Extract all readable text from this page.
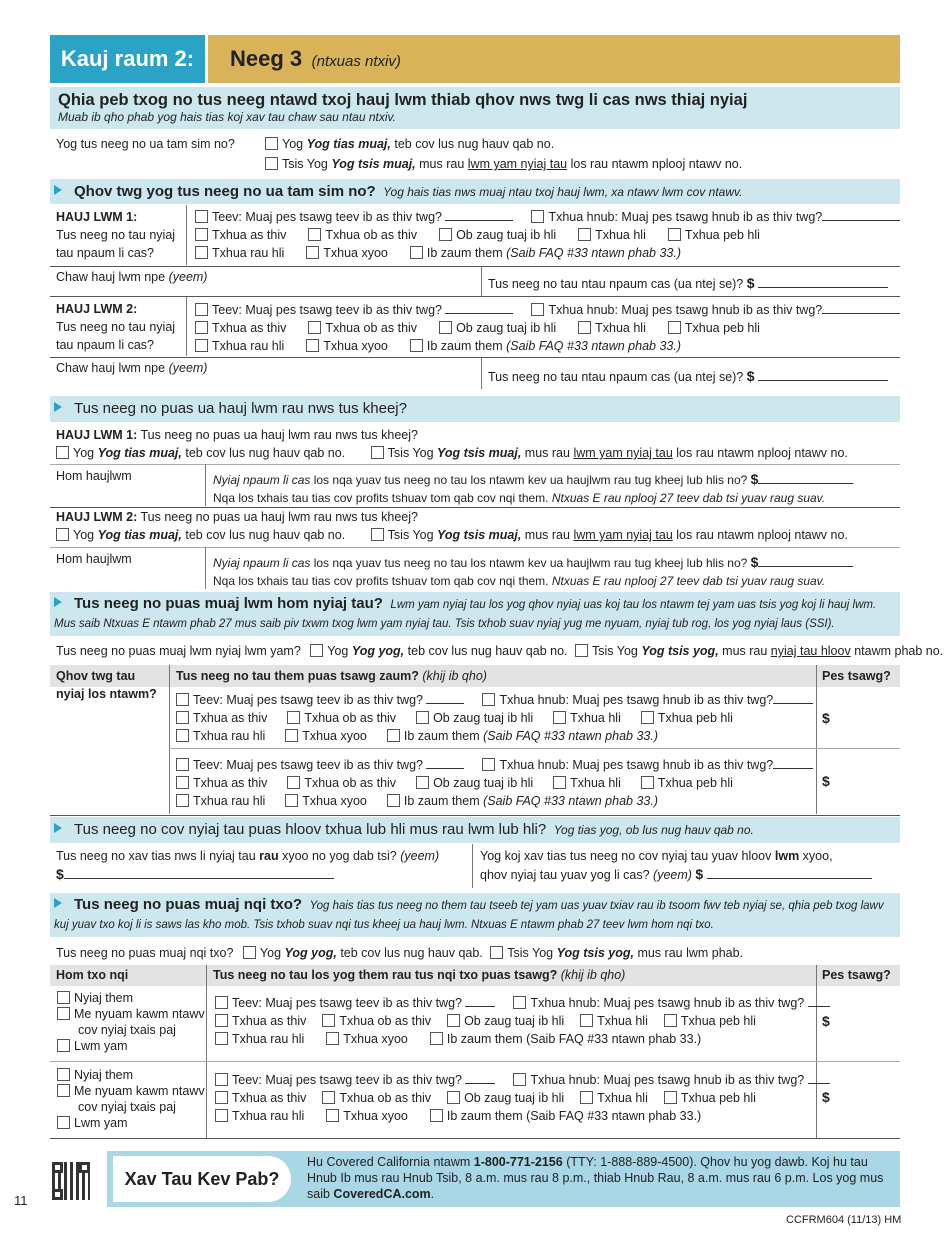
Kauj raum 2:	Neeg 3 (ntxuas ntxiv)
Qhia peb txog no tus neeg ntawd txoj hauj lwm thiab qhov nws twg li cas nws thiaj nyiaj
Muab ib qho phab yog hais tias koj xav tau chaw sau ntau ntxiv.
Yog tus neeg no ua tam sim no?	Yog Yog tias muaj, teb cov lus nug hauv qab no.
Tsis Yog Yog tsis muaj, mus rau lwm yam nyiaj tau los rau ntawm nplooj ntawv no.
Qhov twg yog tus neeg no ua tam sim no? Yog hais tias nws muaj ntau txoj hauj lwm, xa ntawv lwm cov ntawv.
HAUJ LWM 1:
Tus neeg no tau nyiaj
tau npaum li cas?
Teev: Muaj pes tsawg teev ib as thiv twg?	Txhua hnub: Muaj pes tsawg hnub ib as thiv twg?
Txhua as thiv	Txhua ob as thiv	Ob zaug tuaj ib hli	Txhua hli	Txhua peb hli
Txhua rau hli	Txhua xyoo	Ib zaum them (Saib FAQ #33 ntawn phab 33.)
Chaw hauj lwm npe (yeem)	Tus neeg no tau ntau npaum cas (ua ntej se)? $
HAUJ LWM 2:
Tus neeg no tau nyiaj
tau npaum li cas?
Teev: Muaj pes tsawg teev ib as thiv twg?	Txhua hnub: Muaj pes tsawg hnub ib as thiv twg?
Txhua as thiv	Txhua ob as thiv	Ob zaug tuaj ib hli	Txhua hli	Txhua peb hli
Txhua rau hli	Txhua xyoo	Ib zaum them (Saib FAQ #33 ntawn phab 33.)
Chaw hauj lwm npe (yeem)
Tus neeg no tau ntau npaum cas (ua ntej se)? $
Tus neeg no puas ua hauj lwm rau nws tus kheej?
HAUJ LWM 1: Tus neeg no puas ua hauj lwm rau nws tus kheej?
Yog Yog tias muaj, teb cov lus nug hauv qab no.	Tsis Yog Yog tsis muaj, mus rau lwm yam nyiaj tau los rau ntawm nplooj ntawv no.
Hom haujlwm	Nyiaj npaum li cas los nqa yuav tus neeg no tau los ntawm kev ua haujlwm rau tug kheej lub hlis no? $
Nqa los txhais tau tias cov profits tshuav tom qab cov nqi them. Ntxuas E rau nplooj 27 teev dab tsi yuav raug suav.
HAUJ LWM 2: Tus neeg no puas ua hauj lwm rau nws tus kheej?
Yog Yog tias muaj, teb cov lus nug hauv qab no.	Tsis Yog Yog tsis muaj, mus rau lwm yam nyiaj tau los rau ntawm nplooj ntawv no.
Hom haujlwm	Nyiaj npaum li cas los nqa yuav tus neeg no tau los ntawm kev ua haujlwm rau tug kheej lub hlis no? $
Nqa los txhais tau tias cov profits tshuav tom qab cov nqi them. Ntxuas E rau nplooj 27 teev dab tsi yuav raug suav.
Tus neeg no puas muaj lwm hom nyiaj tau? Lwm yam nyiaj tau los yog qhov nyiaj uas koj tau los ntawm tej yam uas tsis yog koj li hauj lwm. Mus saib Ntxuas E ntawm phab 27 mus saib piv txwm txog lwm yam nyiaj tau. Tsis txhob suav nyiaj yug me nyuam, nyiaj tub rog, los yog nyiaj laus (SSI).
Tus neeg no puas muaj lwm nyiaj lwm yam? Yog Yog yog, teb cov lus nug hauv qab no. Tsis Yog Yog tsis yog, mus rau nyiaj tau hloov ntawm phab no.
Qhov twg tau nyiaj los ntawm?
Tus neeg no tau them puas tsawg zaum? (khij ib qho)	Pes tsawg?
Teev: Muaj pes tsawg teev ib as thiv twg?	Txhua hnub: Muaj pes tsawg hnub ib as thiv twg?
Txhua as thiv	Txhua ob as thiv	Ob zaug tuaj ib hli	Txhua hli	Txhua peb hli
Txhua rau hli	Txhua xyoo	Ib zaum them (Saib FAQ #33 ntawn phab 33.)
$
Teev: Muaj pes tsawg teev ib as thiv twg?	Txhua hnub: Muaj pes tsawg hnub ib as thiv twg?
Txhua as thiv	Txhua ob as thiv	Ob zaug tuaj ib hli	Txhua hli	Txhua peb hli
Txhua rau hli	Txhua xyoo	Ib zaum them (Saib FAQ #33 ntawn phab 33.)
$
Tus neeg no cov nyiaj tau puas hloov txhua lub hli mus rau lwm lub hli? Yog tias yog, ob lus nug hauv qab no.
Tus neeg no xav tias nws li nyiaj tau rau xyoo no yog dab tsi? (yeem)
$
Yog koj xav tias tus neeg no cov nyiaj tau yuav hloov lwm xyoo,
qhov nyiaj tau yuav yog li cas? (yeem) $
Tus neeg no puas muaj nqi txo? Yog hais tias tus neeg no them tau tseeb tej yam uas yuav txiav rau ib tsoom fwv teb nyiaj se, qhia peb txog lawv kuj yuav txo koj li is saws las kho mob. Tsis txhob suav nqi tus kheej ua hauj lwm. Ntxuas E ntawm phab 27 teev lwm hom nqi txo.
Tus neeg no puas muaj nqi txo? Yog Yog yog, teb cov lus nug hauv qab. Tsis Yog Yog tsis yog, mus rau lwm phab.
Hom txo nqi	Tus neeg no tau los yog them rau tus nqi txo puas tsawg? (khij ib qho)	Pes tsawg?
Nyiaj them
Me nyuam kawm ntawv
cov nyiaj txais paj
Lwm yam
Teev: Muaj pes tsawg teev ib as thiv twg?	Txhua hnub: Muaj pes tsawg hnub ib as thiv twg?
Txhua as thiv	Txhua ob as thiv	Ob zaug tuaj ib hli	Txhua hli	Txhua peb hli
Txhua rau hli	Txhua xyoo	Ib zaum them (Saib FAQ #33 ntawn phab 33.)
$
Nyiaj them
Me nyuam kawm ntawv
cov nyiaj txais paj
Lwm yam
Teev: Muaj pes tsawg teev ib as thiv twg?	Txhua hnub: Muaj pes tsawg hnub ib as thiv twg?
Txhua as thiv	Txhua ob as thiv	Ob zaug tuaj ib hli	Txhua hli	Txhua peb hli
Txhua rau hli	Txhua xyoo	Ib zaum them (Saib FAQ #33 ntawn phab 33.)
$
Xav Tau Kev Pab?
Hu Covered California ntawm 1-800-771-2156 (TTY: 1-888-889-4500). Qhov hu yog dawb. Koj hu tau Hnub Ib mus rau Hnub Tsib, 8 a.m. mus rau 8 p.m., thiab Hnub Rau, 8 a.m. mus rau 6 p.m. Los yog mus saib CoveredCA.com.
11
CCFRM604 (11/13) HM
